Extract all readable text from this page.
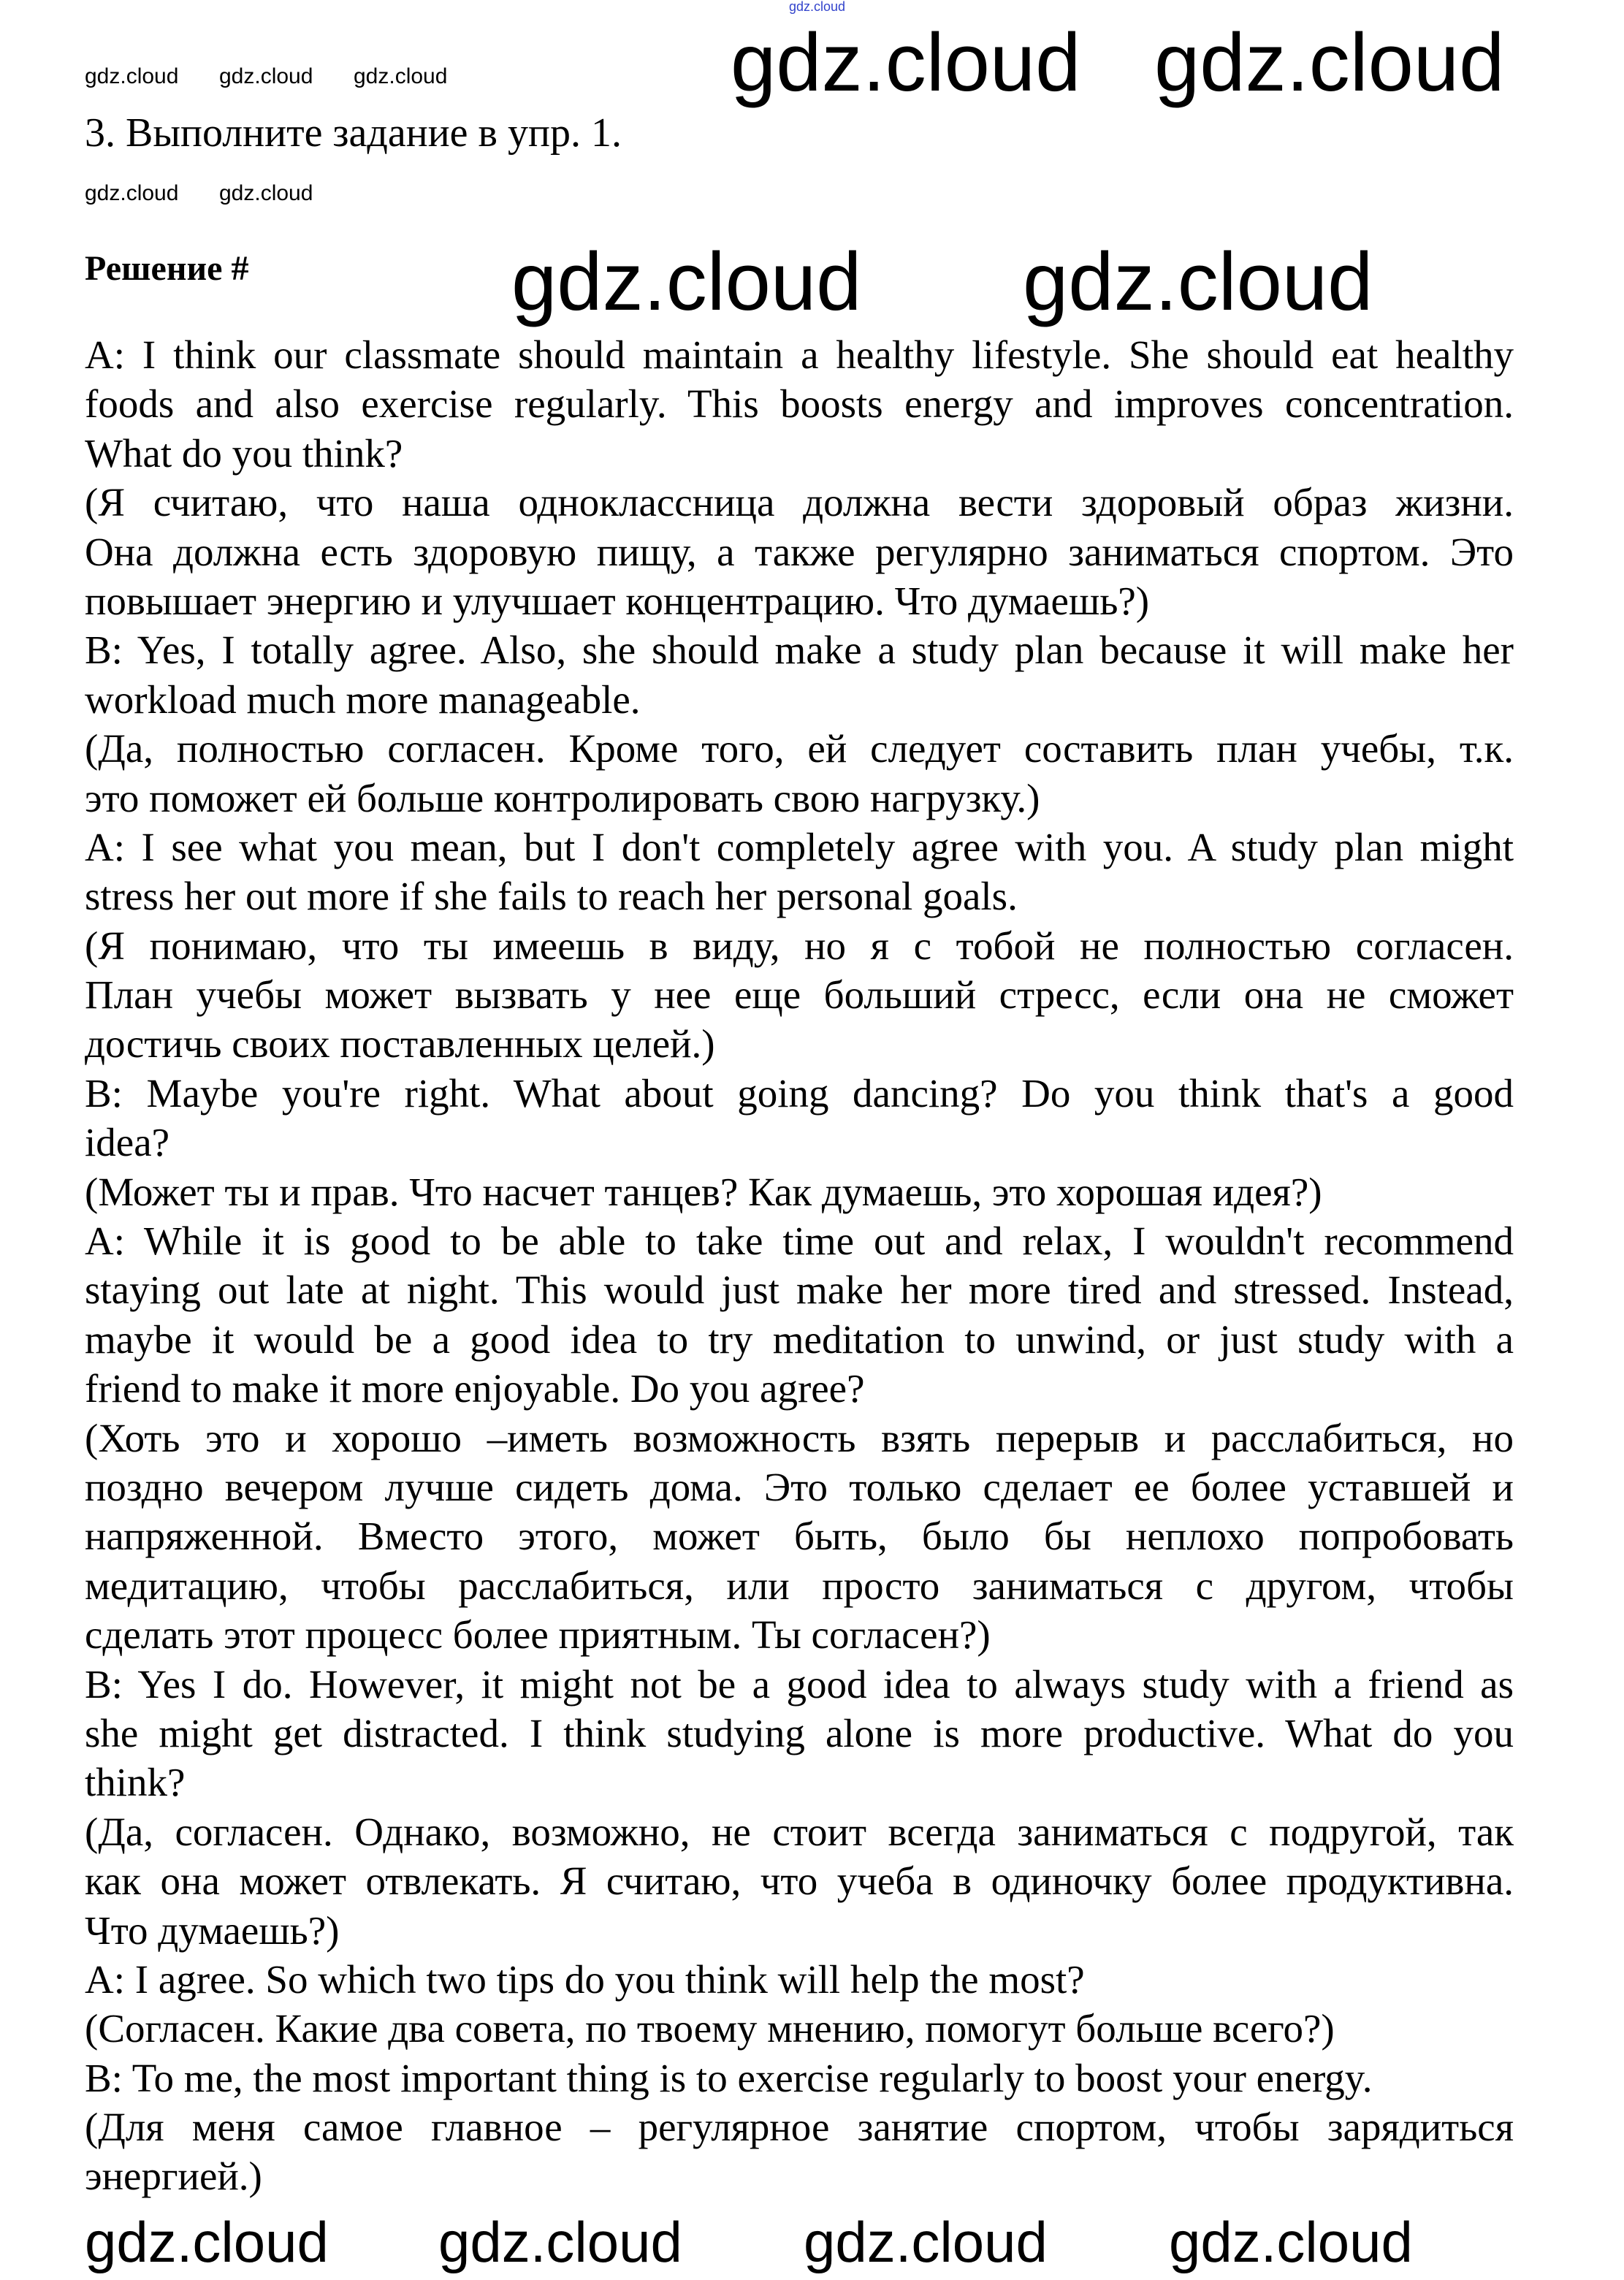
gdz.cloud
3. Выполните задание в упр. 1.
Решение #
A: I think our classmate should maintain a healthy lifestyle. She should eat healthy
foods and also exercise regularly. This boosts energy and improves concentration.
What do you think?
(Я считаю, что наша одноклассница должна вести здоровый образ жизни.
Она должна есть здоровую пищу, а также регулярно заниматься спортом. Это
повышает энергию и улучшает концентрацию. Что думаешь?)
B: Yes, I totally agree. Also, she should make a study plan because it will make her
workload much more manageable.
(Да, полностью согласен. Кроме того, ей следует составить план учебы, т.к.
это поможет ей больше контролировать свою нагрузку.)
A: I see what you mean, but I don't completely agree with you. A study plan might
stress her out more if she fails to reach her personal goals.
(Я понимаю, что ты имеешь в виду, но я с тобой не полностью согласен.
План учебы может вызвать у нее еще больший стресс, если она не сможет
достичь своих поставленных целей.)
B: Maybe you're right. What about going dancing? Do you think that's a good
idea?
(Может ты и прав. Что насчет танцев? Как думаешь, это хорошая идея?)
A: While it is good to be able to take time out and relax, I wouldn't recommend
staying out late at night. This would just make her more tired and stressed. Instead,
maybe it would be a good idea to try meditation to unwind, or just study with a
friend to make it more enjoyable. Do you agree?
(Хоть это и хорошо –иметь возможность взять перерыв и расслабиться, но
поздно вечером лучше сидеть дома. Это только сделает ее более уставшей и
напряженной. Вместо этого, может быть, было бы неплохо попробовать
медитацию, чтобы расслабиться, или просто заниматься с другом, чтобы
сделать этот процесс более приятным. Ты согласен?)
B: Yes I do. However, it might not be a good idea to always study with a friend as
she might get distracted. I think studying alone is more productive. What do you
think?
(Да, согласен. Однако, возможно, не стоит всегда заниматься с подругой, так
как она может отвлекать. Я считаю, что учеба в одиночку более продуктивна.
Что думаешь?)
A: I agree. So which two tips do you think will help the most?
(Согласен. Какие два совета, по твоему мнению, помогут больше всего?)
B: To me, the most important thing is to exercise regularly to boost your energy.
(Для меня самое главное – регулярное занятие спортом, чтобы зарядиться
энергией.)
gdz.cloud gdz.cloud
gdz.cloud gdz.cloud
gdz.cloud gdz.cloud gdz.cloud
gdz.cloud gdz.cloud
gdz.cloud gdz.cloud gdz.cloud gdz.cloud
